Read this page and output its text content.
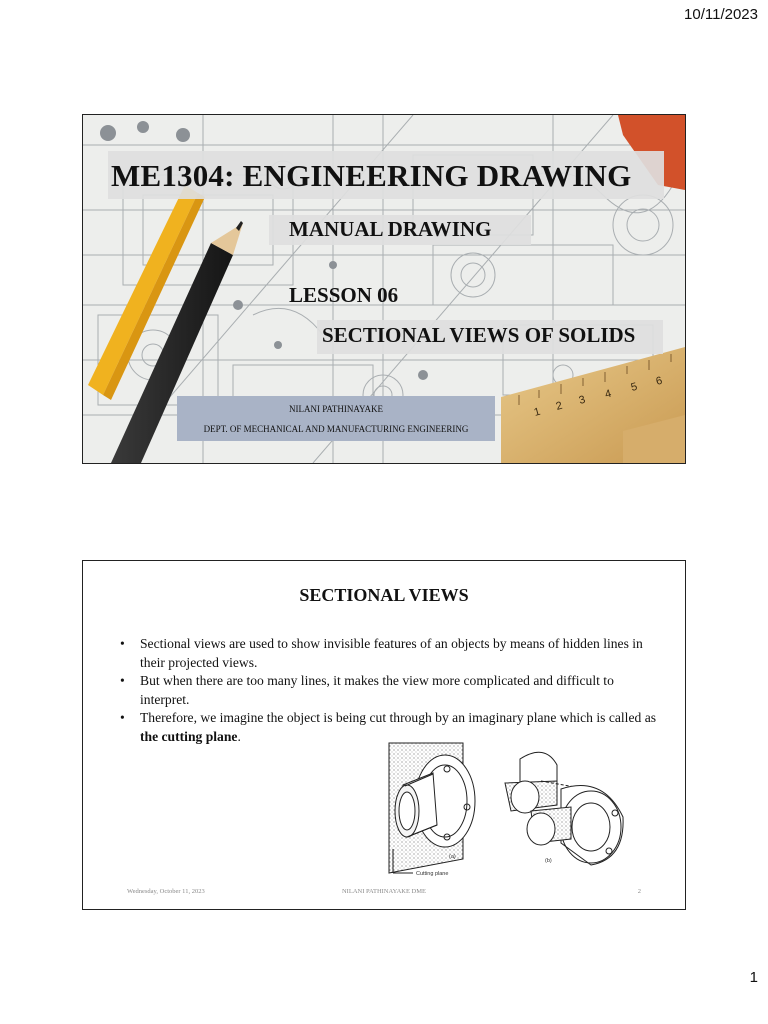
10/11/2023
1 2 3 4
5 6
ME1304: ENGINEERING DRAWING
MANUAL DRAWING
LESSON 06
SECTIONAL VIEWS OF SOLIDS
NILANI PATHINAYAKE
DEPT. OF MECHANICAL AND MANUFACTURING ENGINEERING
SECTIONAL VIEWS
• Sectional views are used to show invisible features of an objects by means of hidden lines in their projected views.
• But when there are too many lines, it makes the view more complicated and difficult to interpret.
• Therefore, we imagine the object is being cut through by an imaginary plane which is called as the cutting plane.
(a)
(b)
Cutting plane
Wednesday, October 11, 2023	NILANI PATHINAYAKE DME	2
1
